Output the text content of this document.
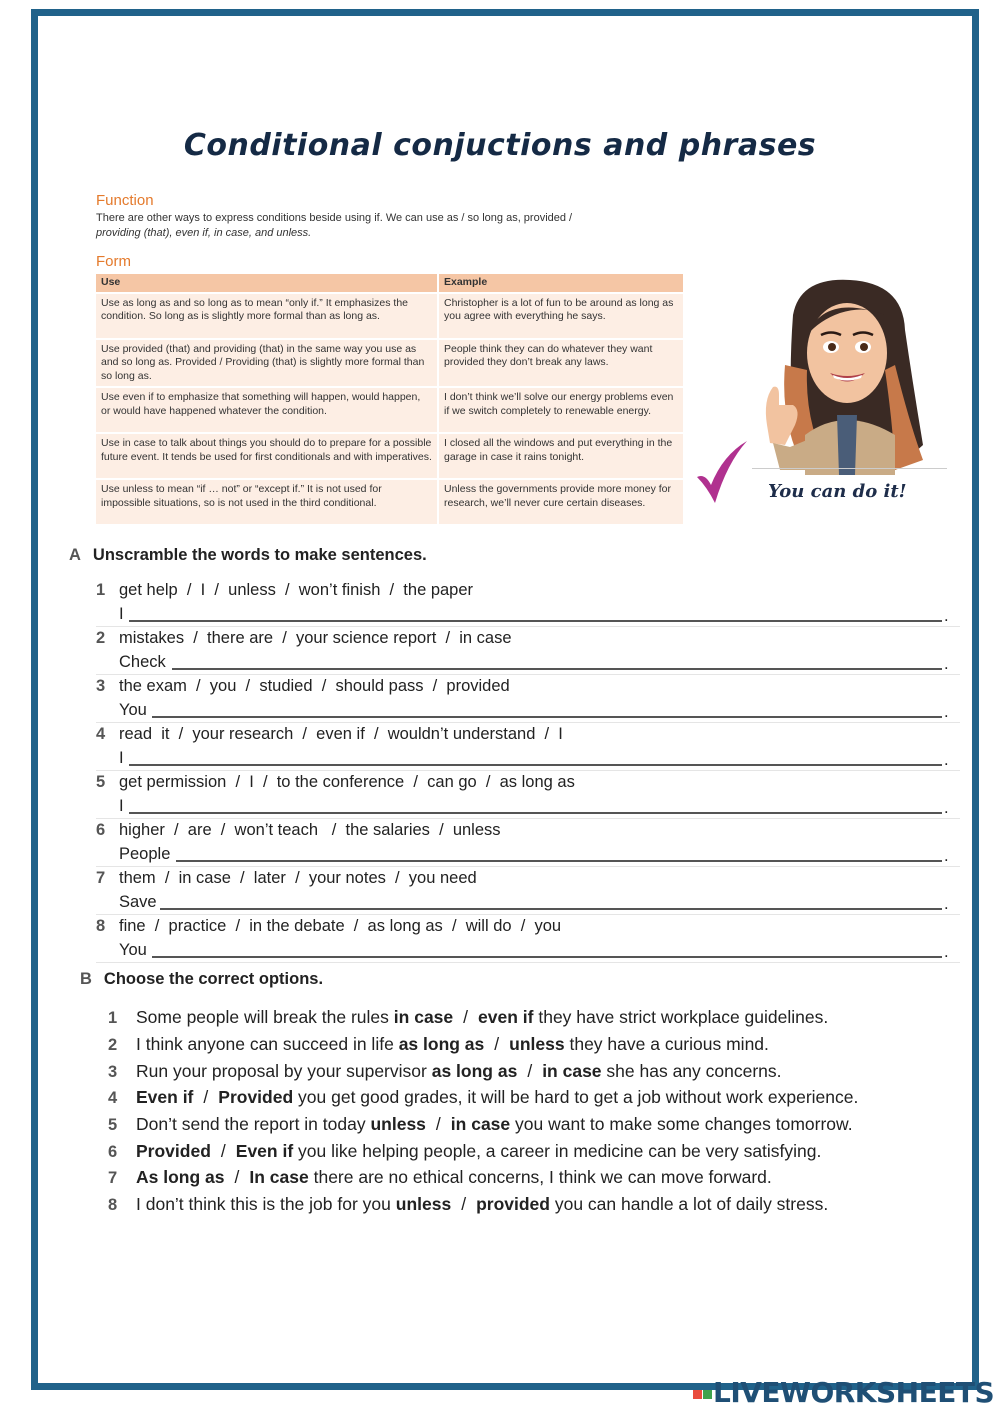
Conditional conjuctions and phrases
Function
There are other ways to express conditions beside using if. We can use as / so long as, provided /
providing (that), even if, in case, and unless.
Form
Use	Example
Use as long as and so long as to mean “only if.” It emphasizes the condition. So long as is slightly more formal than as long as.	Christopher is a lot of fun to be around as long as you agree with everything he says.
Use provided (that) and providing (that) in the same way you use as and so long as. Provided / Providing (that) is slightly more formal than so long as.	People think they can do whatever they want provided they don’t break any laws.
Use even if to emphasize that something will happen, would happen, or would have happened whatever the condition.	I don’t think we’ll solve our energy problems even if we switch completely to renewable energy.
Use in case to talk about things you should do to prepare for a possible future event. It tends be used for first conditionals and with imperatives.	I closed all the windows and put everything in the garage in case it rains tonight.
Use unless to mean “if … not” or “except if.” It is not used for impossible situations, so is not used in the third conditional.	Unless the governments provide more money for research, we’ll never cure certain diseases.
You can do it!
A Unscramble the words to make sentences.
1 get help  /  I  /  unless  /  won’t finish  /  the paper
I	.
2 mistakes  /  there are  /  your science report  /  in case
Check	.
3 the exam  /  you  /  studied  /  should pass  /  provided
You	.
4 read  it  /  your research  /  even if  /  wouldn’t understand  /  I
I	.
5 get permission  /  I  /  to the conference  /  can go  /  as long as
I	.
6 higher  /  are  /  won’t teach   /  the salaries  /  unless
People	.
7 them  /  in case  /  later  /  your notes  /  you need
Save	.
8 fine  /  practice  /  in the debate  /  as long as  /  will do  /  you
You	.
B Choose the correct options.
1 Some people will break the rules in case / even if they have strict workplace guidelines.
2 I think anyone can succeed in life as long as / unless they have a curious mind.
3 Run your proposal by your supervisor as long as / in case she has any concerns.
4 Even if / Provided you get good grades, it will be hard to get a job without work experience.
5 Don’t send the report in today unless / in case you want to make some changes tomorrow.
6 Provided / Even if you like helping people, a career in medicine can be very satisfying.
7 As long as / In case there are no ethical concerns, I think we can move forward.
8 I don’t think this is the job for you unless / provided you can handle a lot of daily stress.
LIVEWORKSHEETS
